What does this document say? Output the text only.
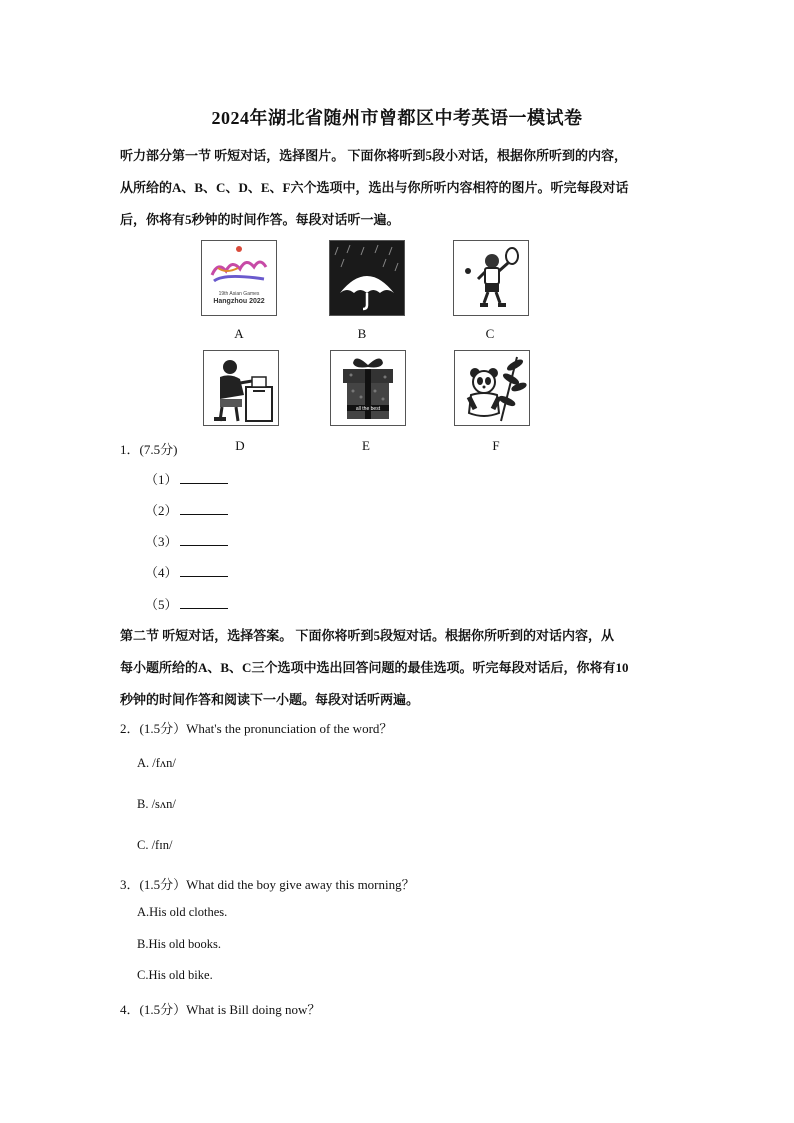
2024年湖北省随州市曾都区中考英语一模试卷
听力部分第一节 听短对话，选择图片。 下面你将听到5段小对话，根据你所听到的内容，
从所给的A、B、C、D、E、F六个选项中，选出与你所听内容相符的图片。听完每段对话
后，你将有5秒钟的时间作答。每段对话听一遍。
19th Asian Games
Hangzhou 2022
A	B	C
all the best
1．(7.5分)	D	E	F
（1）
（2）
（3）
（4）
（5）
第二节 听短对话，选择答案。 下面你将听到5段短对话。根据你所听到的对话内容，从
每小题所给的A、B、C三个选项中选出回答问题的最佳选项。听完每段对话后，你将有10
秒钟的时间作答和阅读下一小题。每段对话听两遍。
2．(1.5分）What's the pronunciation of the word？
A. /fʌn/
B. /sʌn/
C. /fɪn/
3．(1.5分）What did the boy give away this morning？
A.His old clothes.
B.His old books.
C.His old bike.
4．(1.5分）What is Bill doing now？
